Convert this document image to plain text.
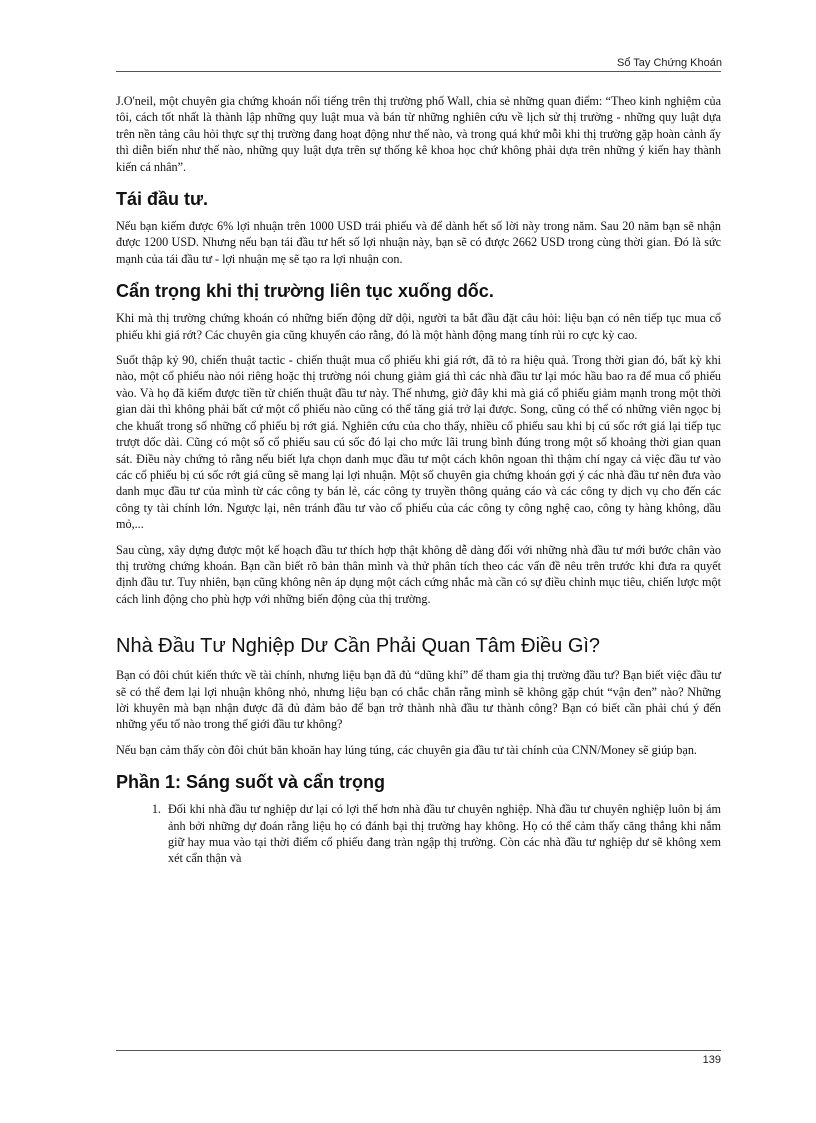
Sổ Tay Chứng Khoán

J.O'neil, một chuyên gia chứng khoán nổi tiếng trên thị trường phố Wall, chia sẻ những quan điểm: “Theo kinh nghiệm của tôi, cách tốt nhất là thành lập những quy luật mua và bán từ những nghiên cứu về lịch sử thị trường - những quy luật dựa trên nền tảng câu hỏi thực sự thị trường đang hoạt động như thế nào, và trong quá khứ mỗi khi thị trường gặp hoàn cảnh ấy thì diễn biến như thế nào, những quy luật dựa trên sự thống kê khoa học chứ không phải dựa trên những ý kiến hay thành kiến cá nhân”.

Tái đầu tư.

Nếu bạn kiếm được 6% lợi nhuận trên 1000 USD trái phiếu và để dành hết số lời này trong năm. Sau 20 năm bạn sẽ nhận được 1200 USD. Nhưng nếu bạn tái đầu tư hết số lợi nhuận này, bạn sẽ có được 2662 USD trong cùng thời gian. Đó là sức mạnh của tái đầu tư - lợi nhuận mẹ sẽ tạo ra lợi nhuận con.

Cẩn trọng khi thị trường liên tục xuống dốc.

Khi mà thị trường chứng khoán có những biến động dữ dội, người ta bắt đầu đặt câu hỏi: liệu bạn có nên tiếp tục mua cổ phiếu khi giá rớt? Các chuyên gia cũng khuyến cáo rằng, đó là một hành động mang tính rủi ro cực kỳ cao.

Suốt thập kỷ 90, chiến thuật tactic - chiến thuật mua cổ phiếu khi giá rớt, đã tỏ ra hiệu quả. Trong thời gian đó, bất kỳ khi nào, một cổ phiếu nào nói riêng hoặc thị trường nói chung giảm giá thì các nhà đầu tư lại móc hầu bao ra để mua cổ phiếu vào. Và họ đã kiếm được tiền từ chiến thuật đầu tư này. Thế nhưng, giờ đây khi mà giá cổ phiếu giảm mạnh trong một thời gian dài thì không phải bất cứ một cổ phiếu nào cũng có thể tăng giá trở lại được. Song, cũng có thể có những viên ngọc bị che khuất trong số những cổ phiếu bị rớt giá. Nghiên cứu của cho thấy, nhiều cổ phiếu sau khi bị cú sốc rớt giá lại tiếp tục trượt dốc dài. Cũng có một số cổ phiếu sau cú sốc đó lại cho mức lãi trung bình đúng trong một số khoảng thời gian quan sát. Điều này chứng tỏ rằng nếu biết lựa chọn danh mục đầu tư một cách khôn ngoan thì thậm chí ngay cả việc đầu tư vào các cổ phiếu bị cú sốc rớt giá cũng sẽ mang lại lợi nhuận. Một số chuyên gia chứng khoán gợi ý các nhà đầu tư nên đưa vào danh mục đầu tư của mình từ các công ty bán lẻ, các công ty truyền thông quảng cáo và các công ty dịch vụ cho đến các công ty tài chính lớn. Ngược lại, nên tránh đầu tư vào cổ phiếu của các công ty công nghệ cao, công ty hàng không, dầu mỏ,...

Sau cùng, xây dựng được một kế hoạch đầu tư thích hợp thật không dễ dàng đối với những nhà đầu tư mới bước chân vào thị trường chứng khoán. Bạn cần biết rõ bản thân mình và thử phân tích theo các vấn đề nêu trên trước khi đưa ra quyết định đầu tư. Tuy nhiên, bạn cũng không nên áp dụng một cách cứng nhắc mà cần có sự điều chỉnh mục tiêu, chiến lược một cách linh động cho phù hợp với những biến động của thị trường.

Nhà Đầu Tư Nghiệp Dư Cần Phải Quan Tâm Điều Gì?

Bạn có đôi chút kiến thức về tài chính, nhưng liệu bạn đã đủ “dũng khí” để tham gia thị trường đầu tư? Bạn biết việc đầu tư sẽ có thể đem lại lợi nhuận không nhỏ, nhưng liệu bạn có chắc chắn rằng mình sẽ không gặp chút “vận đen” nào? Những lời khuyên mà bạn nhận được đã đủ đảm bảo để bạn trở thành nhà đầu tư thành công? Bạn có biết cần phải chú ý đến những yếu tố nào trong thế giới đầu tư không?

Nếu bạn cảm thấy còn đôi chút băn khoăn hay lúng túng, các chuyên gia đầu tư tài chính của CNN/Money sẽ giúp bạn.

Phần 1: Sáng suốt và cẩn trọng
1. Đối khi nhà đầu tư nghiệp dư lại có lợi thế hơn nhà đầu tư chuyên nghiệp. Nhà đầu tư chuyên nghiệp luôn bị ám ảnh bởi những dự đoán rằng liệu họ có đánh bại thị trường hay không. Họ có thể cảm thấy căng thẳng khi nắm giữ hay mua vào tại thời điểm cổ phiếu đang tràn ngập thị trường. Còn các nhà đầu tư nghiệp dư sẽ không xem xét cẩn thận và
139
